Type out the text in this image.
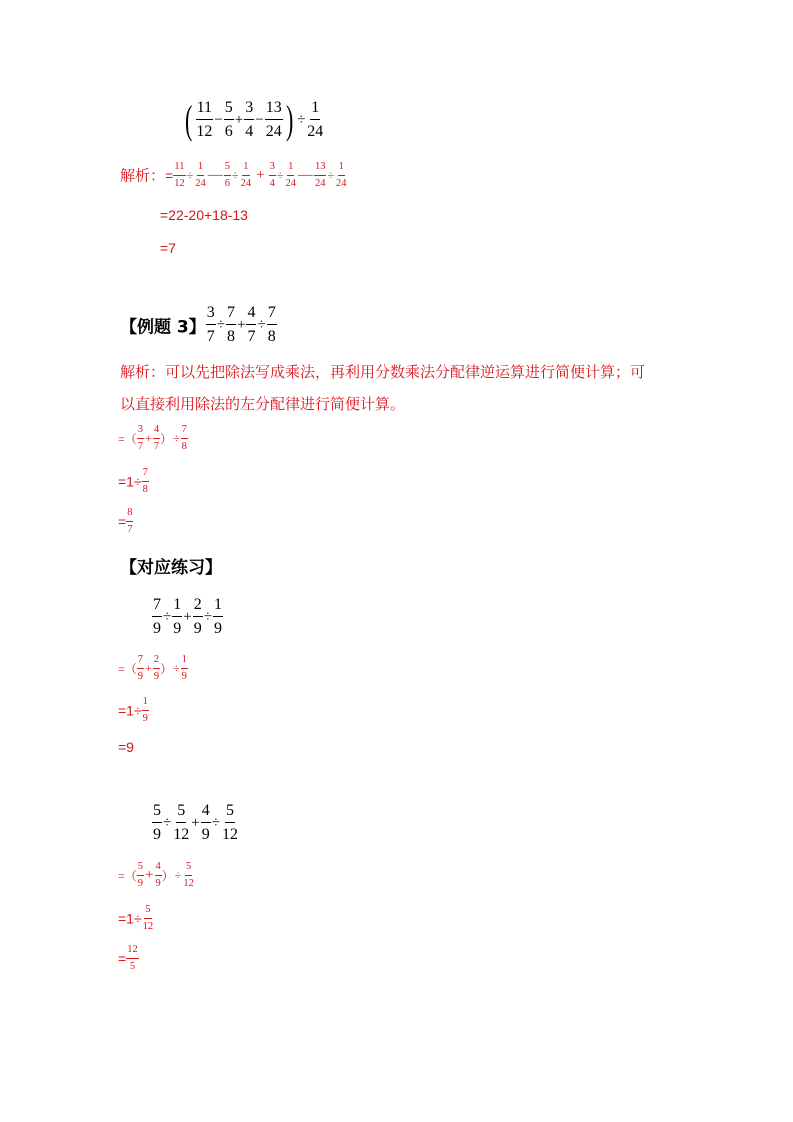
( $\frac{11}{12} - \frac{5}{6} + \frac{3}{4} - \frac{13}{24}$ ) ÷ $\frac{1}{24}$
解析：= $\frac{11}{12} \div \frac{1}{24}$ — $\frac{5}{6} \div \frac{1}{24} + \frac{3}{4} \div \frac{1}{24}$ — $\frac{13}{24} \div \frac{1}{24}$
=22-20+18-13
=7
【例题 3】 $\frac{3}{7} \div \frac{7}{8} + \frac{4}{7} \div \frac{7}{8}$
解析：可以先把除法写成乘法，再利用分数乘法分配律逆运算进行简便计算；可
以直接利用除法的左分配律进行简便计算。
=（ $\frac{3}{7} + \frac{4}{7}$ ）÷ $\frac{7}{8}$
$=1\div \frac{7}{8}$
= $\frac{8}{7}$
【对应练习】
$\frac{7}{9} \div \frac{1}{9} + \frac{2}{9} \div \frac{1}{9}$
=（ $\frac{7}{9} + \frac{2}{9}$ ）÷ $\frac{1}{9}$
$=1\div \frac{1}{9}$
=9
$\frac{5}{9} \div \frac{5}{12} + \frac{4}{9} \div \frac{5}{12}$
=（ $\frac{5}{9} + \frac{4}{9}$ ）÷ $\frac{5}{12}$
$=1\div \frac{5}{12}$
= $\frac{12}{5}$
